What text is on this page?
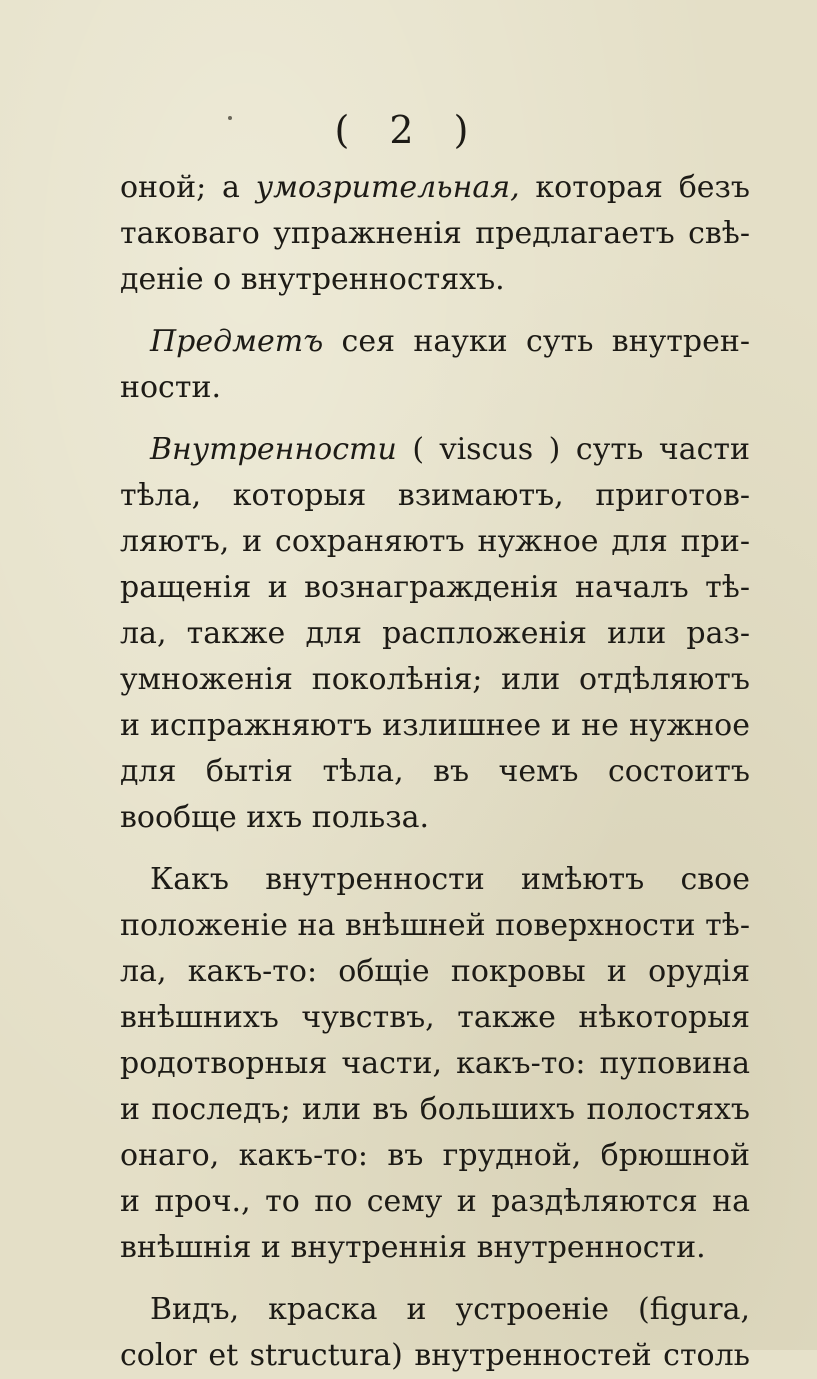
( 2 )
оной; а умозрительная, которая безъ
таковаго упражненiя предлагаетъ свѣ-
денiе о внутренностяхъ.
Предметъ сея науки суть внутрен-
ности.
Внутренности ( viscus ) суть части
тѣла, которыя взимаютъ, приготов-
ляютъ, и сохраняютъ нужное для при-
ращенiя и вознагражденiя началъ тѣ-
ла, также для распложенiя или раз-
умноженiя поколѣнiя; или отдѣляютъ
и испражняютъ излишнее и не нужное
для бытiя тѣла, въ чемъ состоитъ
вообще ихъ польза.
Какъ внутренности имѣютъ свое
положенiе на внѣшней поверхности тѣ-
ла, какъ-то: общiе покровы и орудiя
внѣшнихъ чувствъ, также нѣкоторыя
родотворныя части, какъ-то: пуповина
и последъ; или въ большихъ полостяхъ
онаго, какъ-то: въ грудной, брюшной
и проч., то по сему и раздѣляются на
внѣшнiя и внутреннiя внутренности.
Видъ, краска и устроенiе (figura,
color et structura) внутренностей столь
